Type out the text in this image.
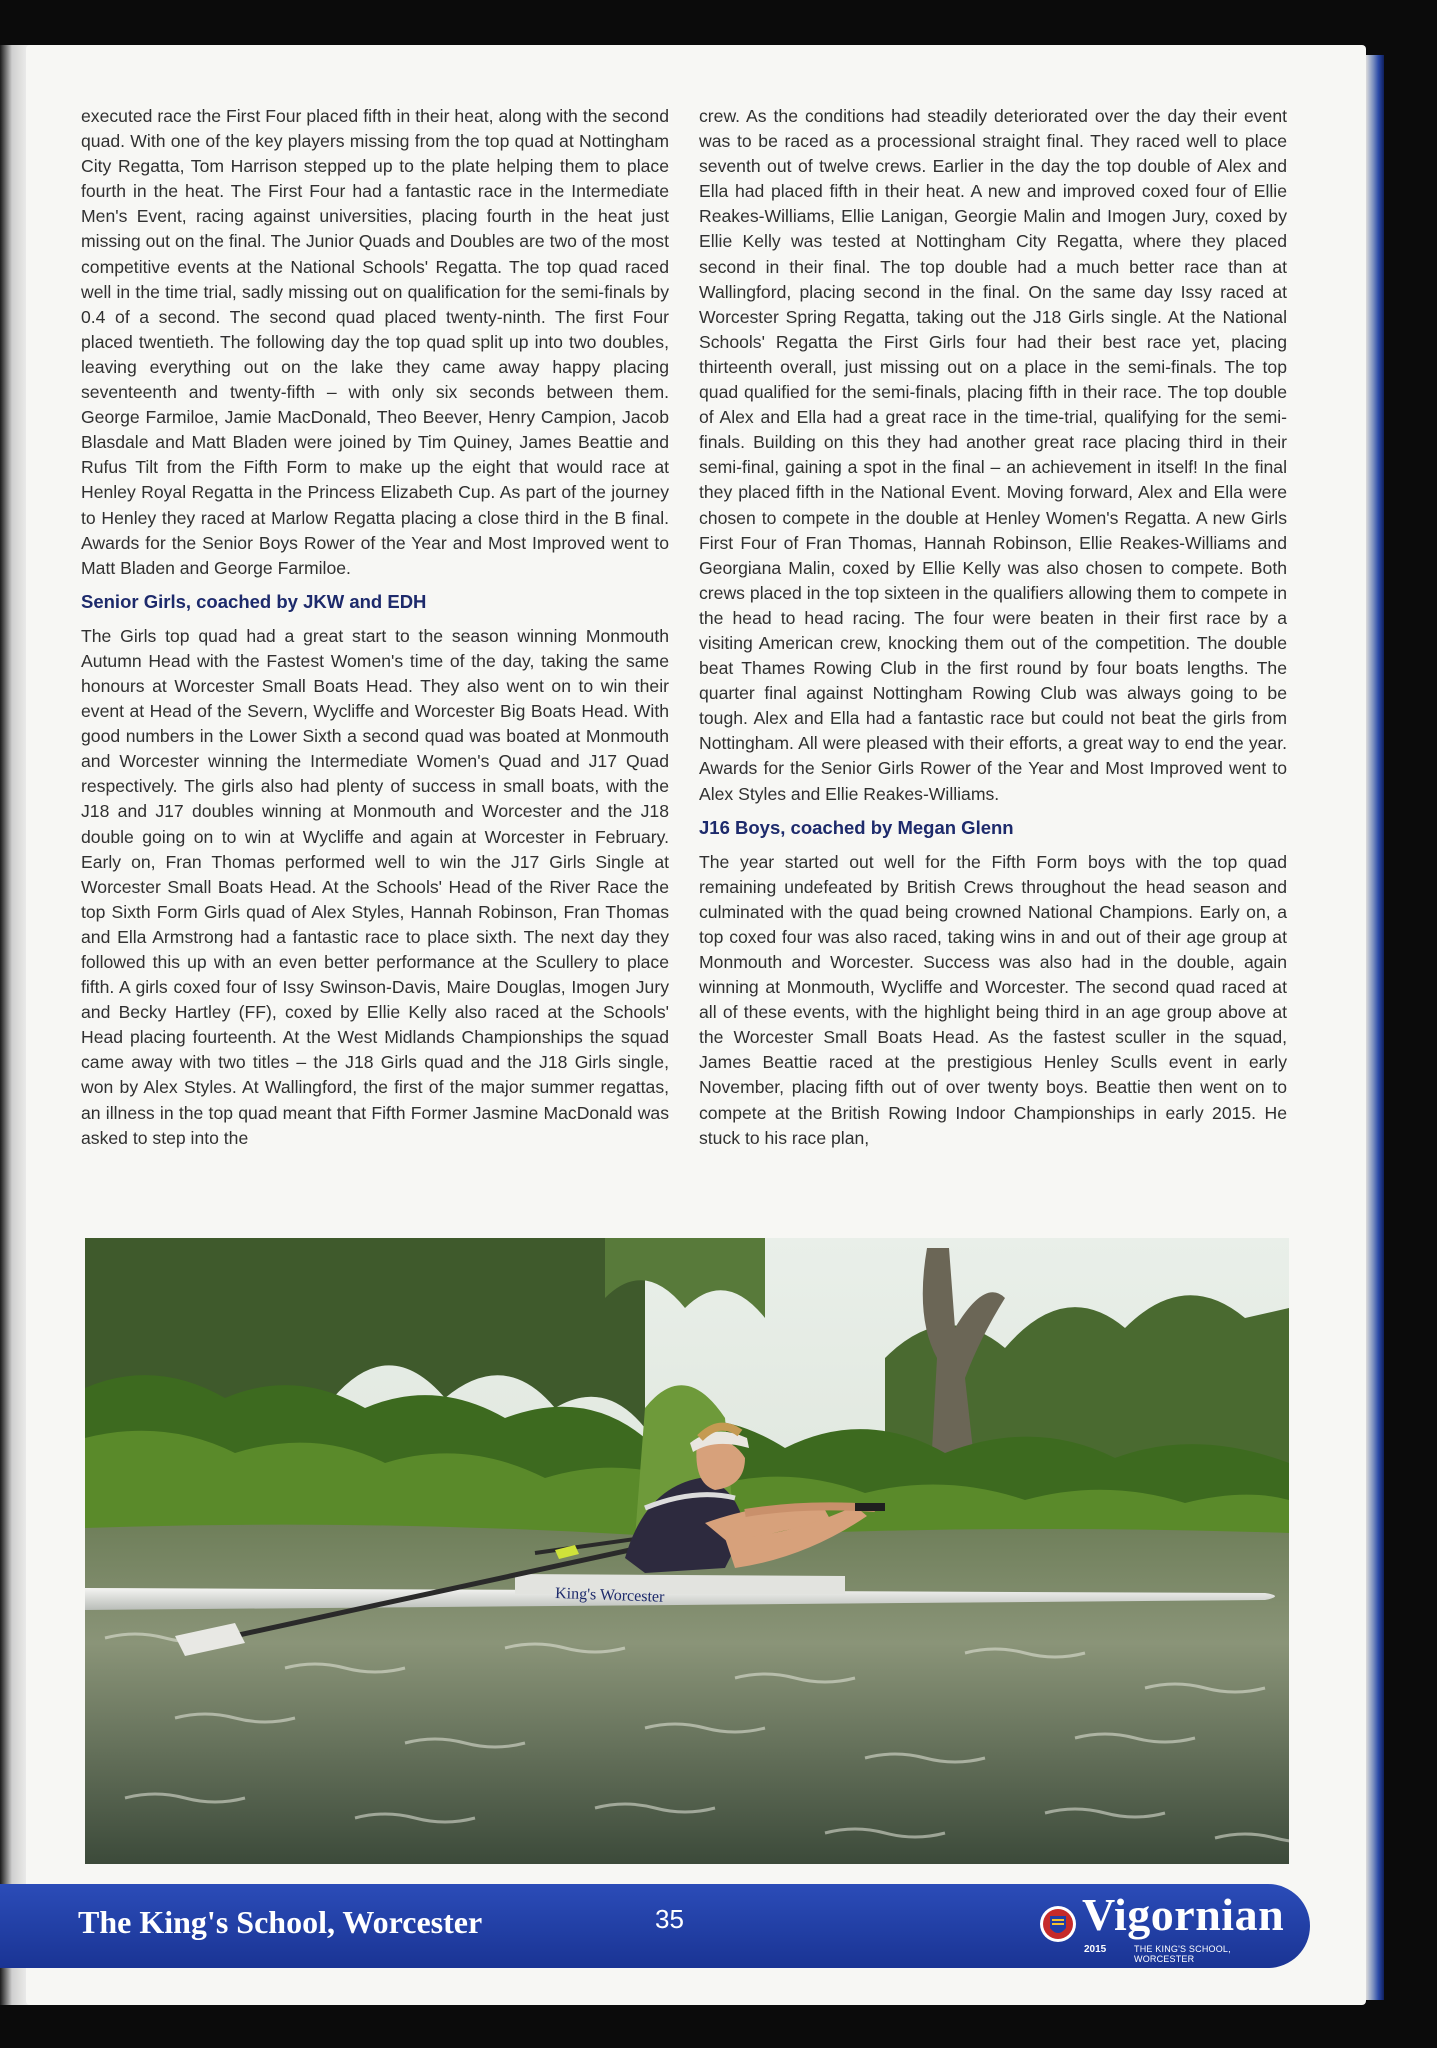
executed race the First Four placed fifth in their heat, along with the second quad. With one of the key players missing from the top quad at Nottingham City Regatta, Tom Harrison stepped up to the plate helping them to place fourth in the heat. The First Four had a fantastic race in the Intermediate Men's Event, racing against universities, placing fourth in the heat just missing out on the final. The Junior Quads and Doubles are two of the most competitive events at the National Schools' Regatta. The top quad raced well in the time trial, sadly missing out on qualification for the semi-finals by 0.4 of a second. The second quad placed twenty-ninth. The first Four placed twentieth. The following day the top quad split up into two doubles, leaving everything out on the lake they came away happy placing seventeenth and twenty-fifth – with only six seconds between them. George Farmiloe, Jamie MacDonald, Theo Beever, Henry Campion, Jacob Blasdale and Matt Bladen were joined by Tim Quiney, James Beattie and Rufus Tilt from the Fifth Form to make up the eight that would race at Henley Royal Regatta in the Princess Elizabeth Cup. As part of the journey to Henley they raced at Marlow Regatta placing a close third in the B final. Awards for the Senior Boys Rower of the Year and Most Improved went to Matt Bladen and George Farmiloe.

Senior Girls, coached by JKW and EDH

The Girls top quad had a great start to the season winning Monmouth Autumn Head with the Fastest Women's time of the day, taking the same honours at Worcester Small Boats Head. They also went on to win their event at Head of the Severn, Wycliffe and Worcester Big Boats Head. With good numbers in the Lower Sixth a second quad was boated at Monmouth and Worcester winning the Intermediate Women's Quad and J17 Quad respectively. The girls also had plenty of success in small boats, with the J18 and J17 doubles winning at Monmouth and Worcester and the J18 double going on to win at Wycliffe and again at Worcester in February. Early on, Fran Thomas performed well to win the J17 Girls Single at Worcester Small Boats Head. At the Schools' Head of the River Race the top Sixth Form Girls quad of Alex Styles, Hannah Robinson, Fran Thomas and Ella Armstrong had a fantastic race to place sixth. The next day they followed this up with an even better performance at the Scullery to place fifth. A girls coxed four of Issy Swinson-Davis, Maire Douglas, Imogen Jury and Becky Hartley (FF), coxed by Ellie Kelly also raced at the Schools' Head placing fourteenth. At the West Midlands Championships the squad came away with two titles – the J18 Girls quad and the J18 Girls single, won by Alex Styles. At Wallingford, the first of the major summer regattas, an illness in the top quad meant that Fifth Former Jasmine MacDonald was asked to step into the

crew. As the conditions had steadily deteriorated over the day their event was to be raced as a processional straight final. They raced well to place seventh out of twelve crews. Earlier in the day the top double of Alex and Ella had placed fifth in their heat. A new and improved coxed four of Ellie Reakes-Williams, Ellie Lanigan, Georgie Malin and Imogen Jury, coxed by Ellie Kelly was tested at Nottingham City Regatta, where they placed second in their final. The top double had a much better race than at Wallingford, placing second in the final. On the same day Issy raced at Worcester Spring Regatta, taking out the J18 Girls single. At the National Schools' Regatta the First Girls four had their best race yet, placing thirteenth overall, just missing out on a place in the semi-finals. The top quad qualified for the semi-finals, placing fifth in their race. The top double of Alex and Ella had a great race in the time-trial, qualifying for the semi-finals. Building on this they had another great race placing third in their semi-final, gaining a spot in the final – an achievement in itself! In the final they placed fifth in the National Event. Moving forward, Alex and Ella were chosen to compete in the double at Henley Women's Regatta. A new Girls First Four of Fran Thomas, Hannah Robinson, Ellie Reakes-Williams and Georgiana Malin, coxed by Ellie Kelly was also chosen to compete. Both crews placed in the top sixteen in the qualifiers allowing them to compete in the head to head racing. The four were beaten in their first race by a visiting American crew, knocking them out of the competition. The double beat Thames Rowing Club in the first round by four boats lengths. The quarter final against Nottingham Rowing Club was always going to be tough. Alex and Ella had a fantastic race but could not beat the girls from Nottingham. All were pleased with their efforts, a great way to end the year. Awards for the Senior Girls Rower of the Year and Most Improved went to Alex Styles and Ellie Reakes-Williams.

J16 Boys, coached by Megan Glenn

The year started out well for the Fifth Form boys with the top quad remaining undefeated by British Crews throughout the head season and culminated with the quad being crowned National Champions. Early on, a top coxed four was also raced, taking wins in and out of their age group at Monmouth and Worcester. Success was also had in the double, again winning at Monmouth, Wycliffe and Worcester. The second quad raced at all of these events, with the highlight being third in an age group above at the Worcester Small Boats Head. As the fastest sculler in the squad, James Beattie raced at the prestigious Henley Sculls event in early November, placing fifth out of over twenty boys. Beattie then went on to compete at the British Rowing Indoor Championships in early 2015. He stuck to his race plan,

King's Worcester
The King's School, Worcester	35	Vigornian
2015	THE KING'S SCHOOL, WORCESTER
